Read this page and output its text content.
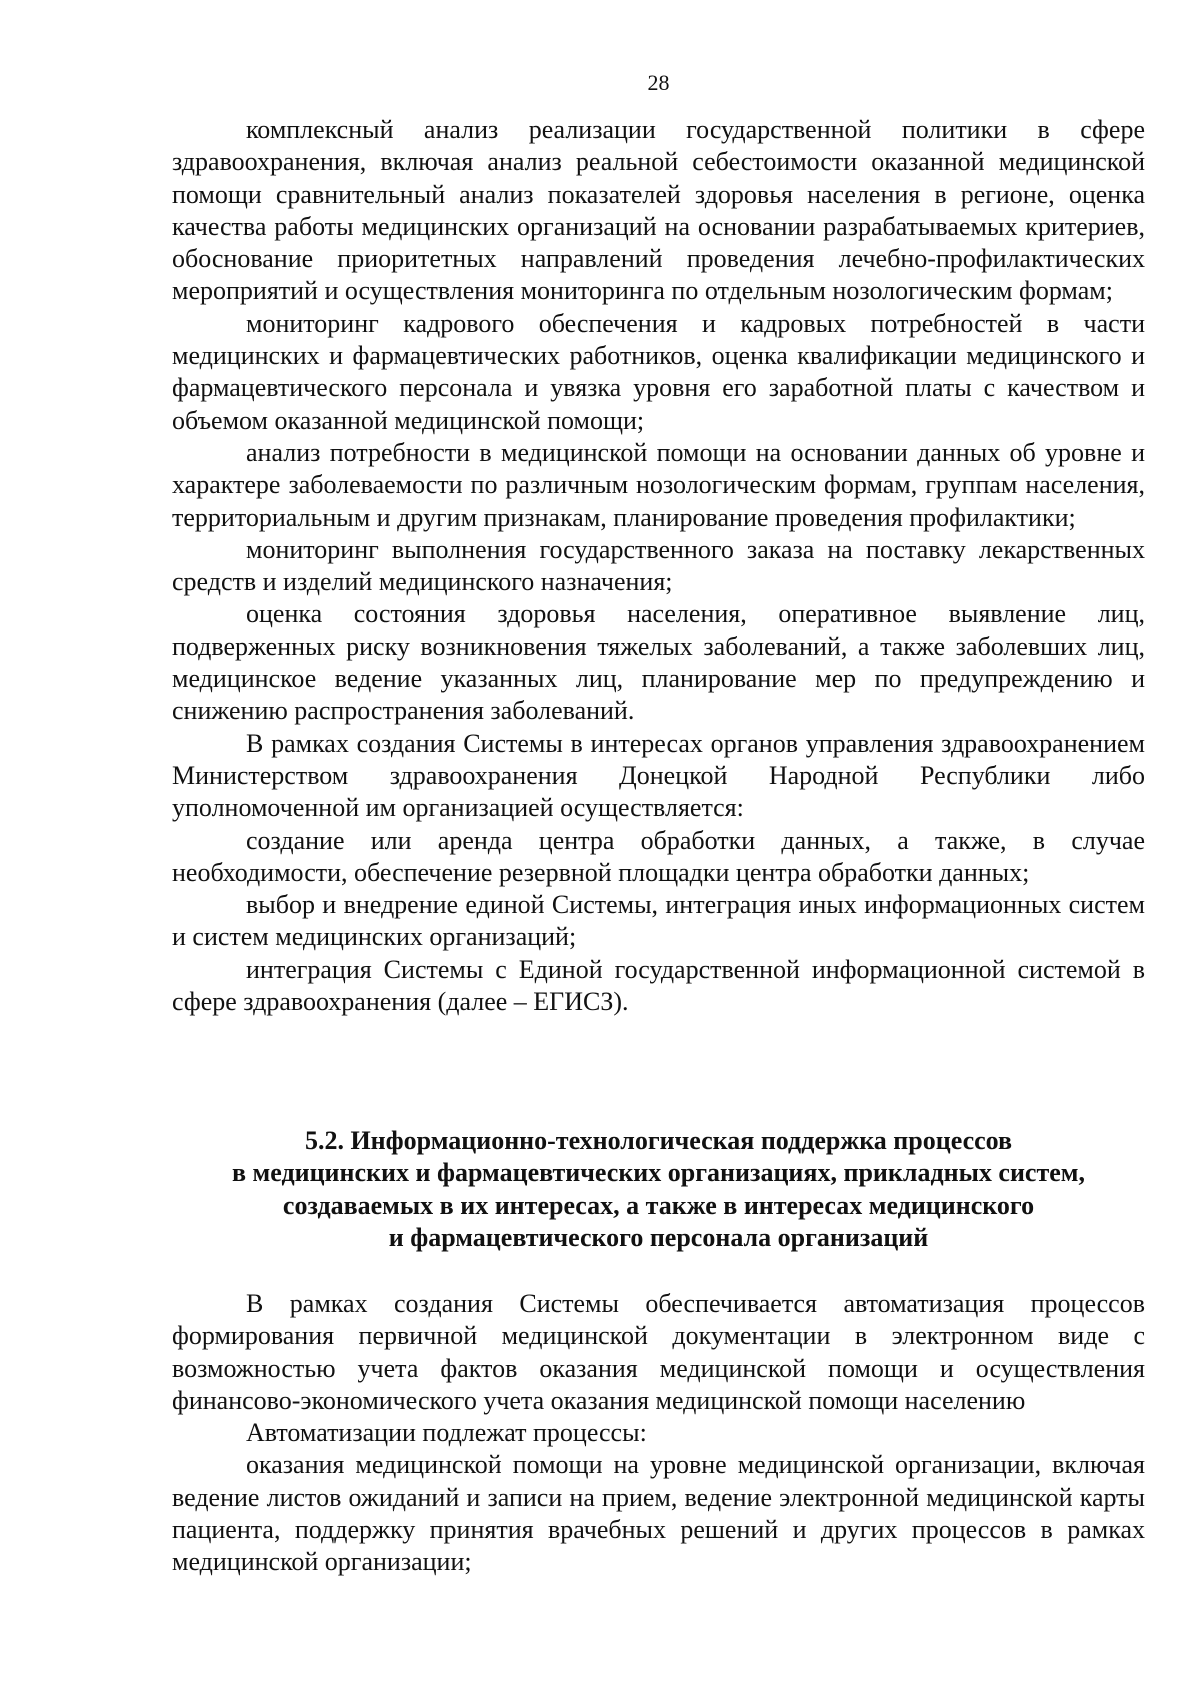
28

комплексный анализ реализации государственной политики в сфере здравоохранения, включая анализ реальной себестоимости оказанной медицинской помощи сравнительный анализ показателей здоровья населения в регионе, оценка качества работы медицинских организаций на основании разрабатываемых критериев, обоснование приоритетных направлений проведения лечебно-профилактических мероприятий и осуществления мониторинга по отдельным нозологическим формам;

мониторинг кадрового обеспечения и кадровых потребностей в части медицинских и фармацевтических работников, оценка квалификации медицинского и фармацевтического персонала и увязка уровня его заработной платы с качеством и объемом оказанной медицинской помощи;

анализ потребности в медицинской помощи на основании данных об уровне и характере заболеваемости по различным нозологическим формам, группам населения, территориальным и другим признакам, планирование проведения профилактики;

мониторинг выполнения государственного заказа на поставку лекарственных средств и изделий медицинского назначения;

оценка состояния здоровья населения, оперативное выявление лиц, подверженных риску возникновения тяжелых заболеваний, а также заболевших лиц, медицинское ведение указанных лиц, планирование мер по предупреждению и снижению распространения заболеваний.

В рамках создания Системы в интересах органов управления здравоохранением Министерством здравоохранения Донецкой Народной Республики либо уполномоченной им организацией осуществляется:

создание или аренда центра обработки данных, а также, в случае необходимости, обеспечение резервной площадки центра обработки данных;

выбор и внедрение единой Системы, интеграция иных информационных систем и систем медицинских организаций;

интеграция Системы с Единой государственной информационной системой в сфере здравоохранения (далее – ЕГИСЗ).

5.2. Информационно-технологическая поддержка процессов
в медицинских и фармацевтических организациях, прикладных систем,
создаваемых в их интересах, а также в интересах медицинского
и фармацевтического персонала организаций

В рамках создания Системы обеспечивается автоматизация процессов формирования первичной медицинской документации в электронном виде с возможностью учета фактов оказания медицинской помощи и осуществления финансово-экономического учета оказания медицинской помощи населению

Автоматизации подлежат процессы:

оказания медицинской помощи на уровне медицинской организации, включая ведение листов ожиданий и записи на прием, ведение электронной медицинской карты пациента, поддержку принятия врачебных решений и других процессов в рамках медицинской организации;
